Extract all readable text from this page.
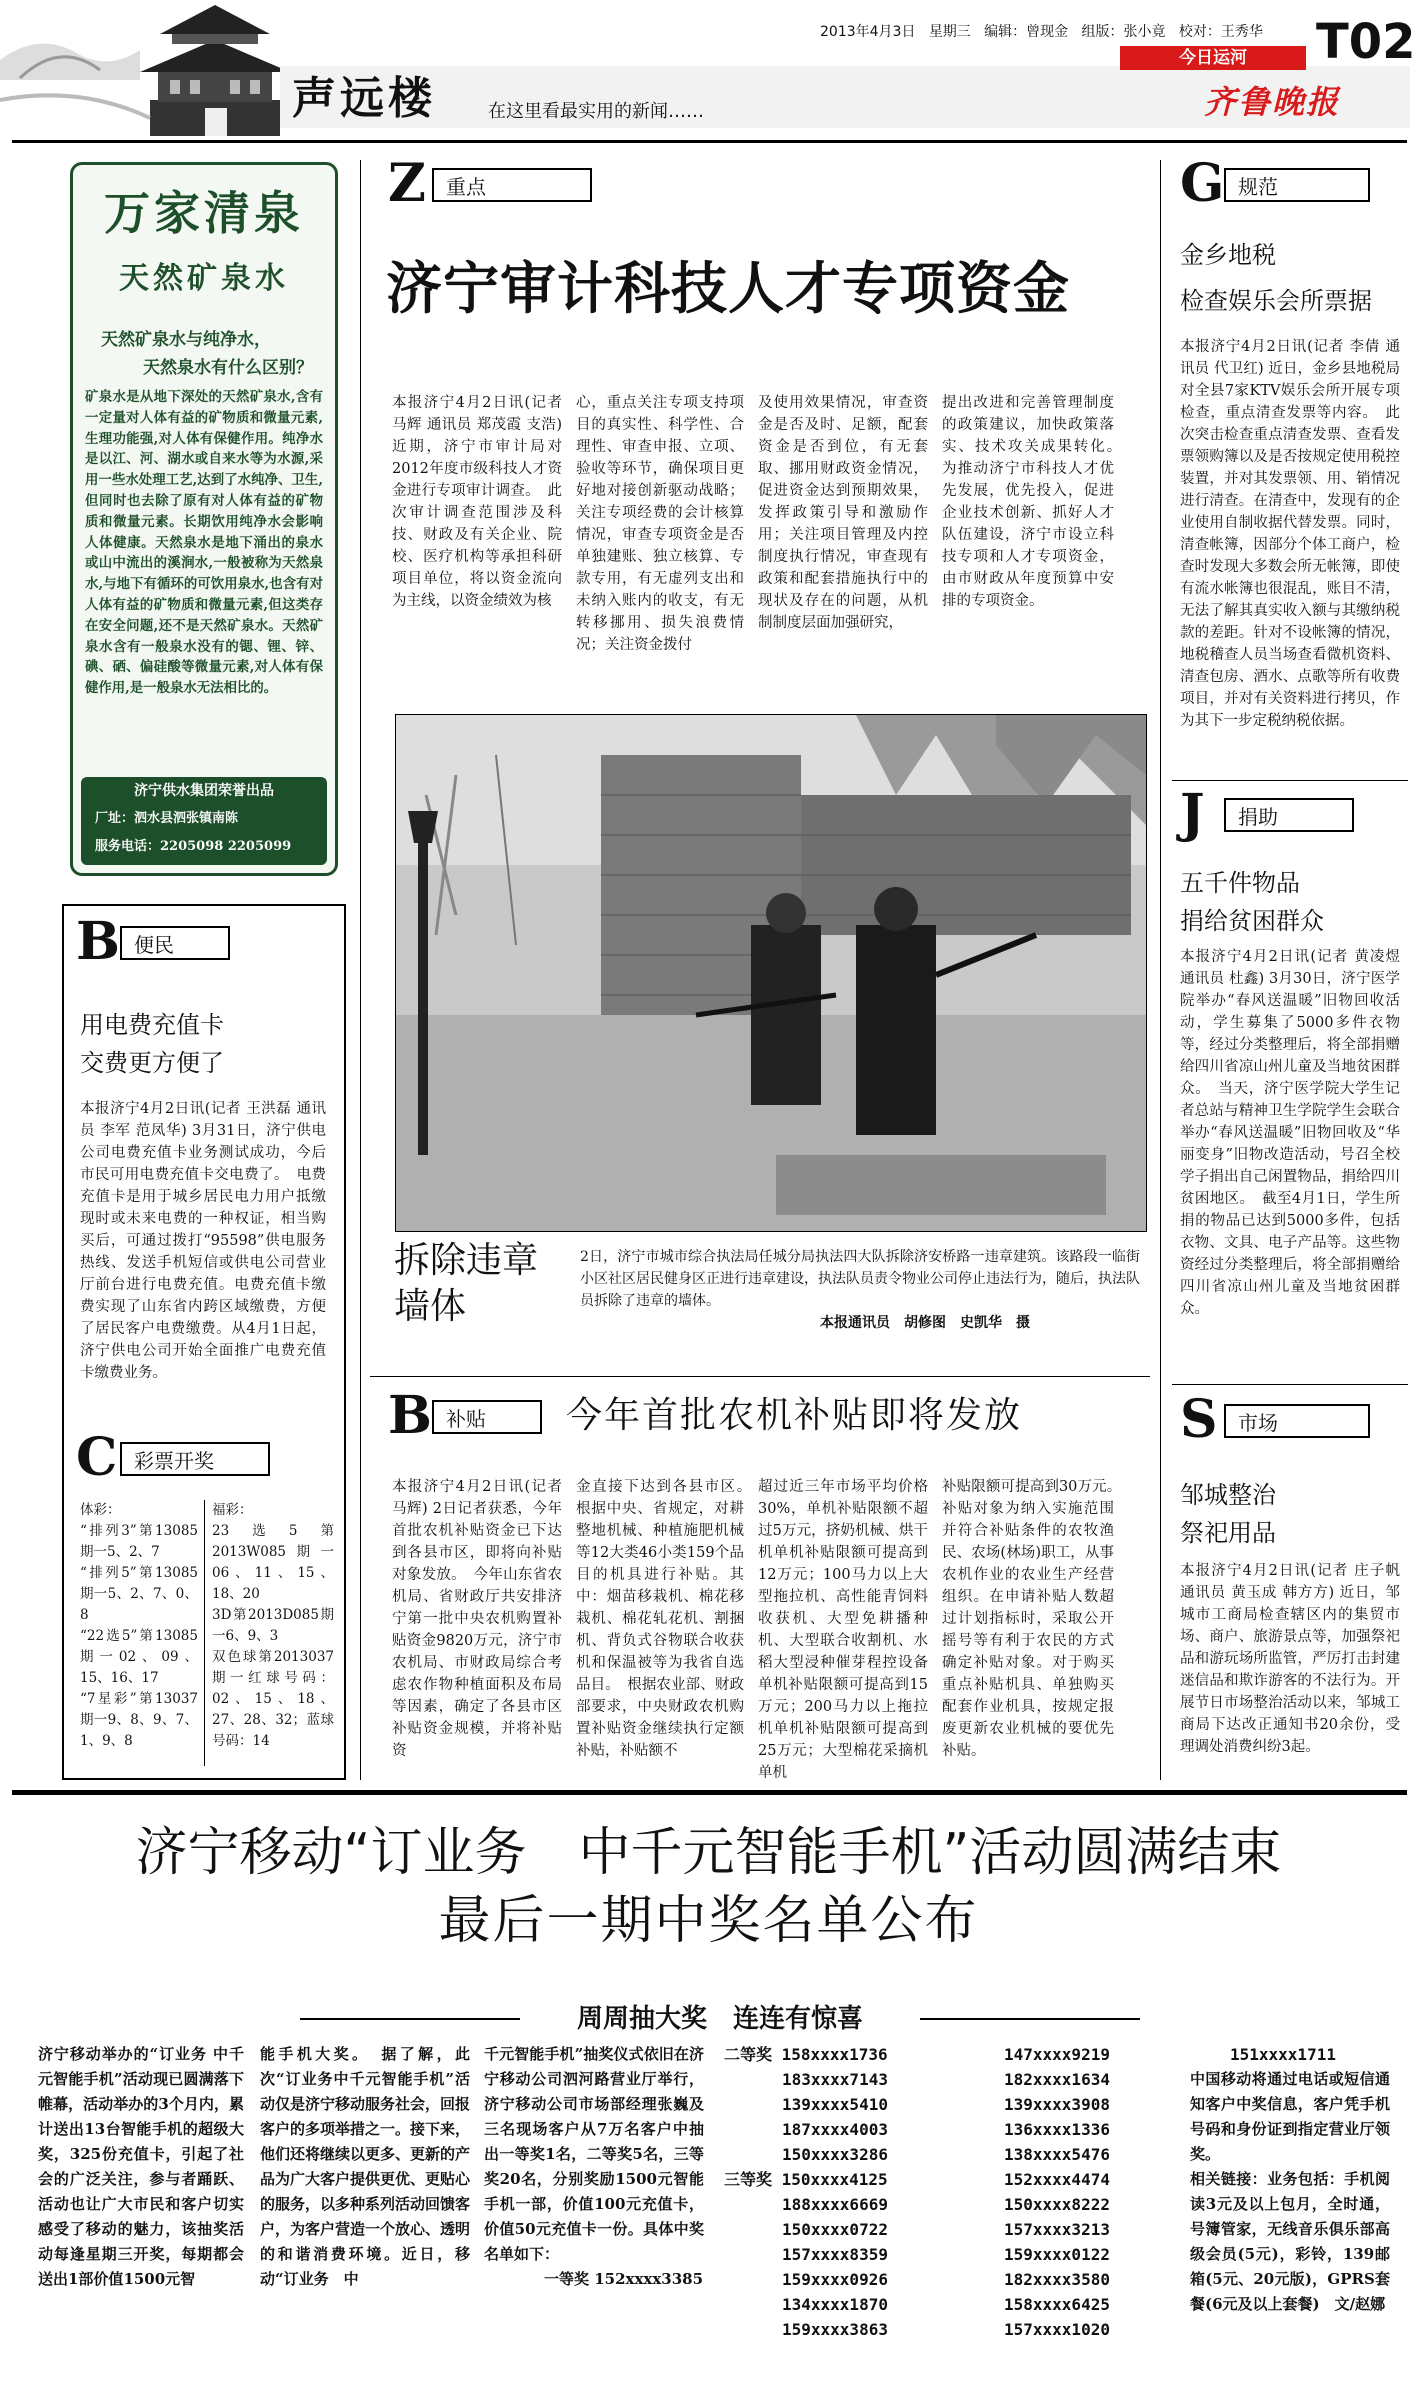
声远楼	在这里看最实用的新闻……
2013年4月3日 星期三 编辑：曾现金 组版：张小竟 校对：王秀华 T02
今日运河
齐鲁晚报
万家清泉
天然矿泉水
天然矿泉水与纯净水，
天然泉水有什么区别？
矿泉水是从地下深处的天然矿泉水,含有一定量对人体有益的矿物质和微量元素,生理功能强,对人体有保健作用。纯净水是以江、河、湖水或自来水等为水源,采用一些水处理工艺,达到了水纯净、卫生,但同时也去除了原有对人体有益的矿物质和微量元素。长期饮用纯净水会影响人体健康。天然泉水是地下涌出的泉水或山中流出的溪涧水,一般被称为天然泉水,与地下有循环的可饮用泉水,也含有对人体有益的矿物质和微量元素,但这类存在安全问题,还不是天然矿泉水。天然矿泉水含有一般泉水没有的锶、锂、锌、碘、硒、偏硅酸等微量元素,对人体有保健作用,是一般泉水无法相比的。
济宁供水集团荣誉出品
厂址：泗水县泗张镇南陈
服务电话：2205098 2205099
B 便民
用电费充值卡
交费更方便了
本报济宁4月2日讯(记者 王洪磊 通讯员 李军 范凤华) 3月31日，济宁供电公司电费充值卡业务测试成功，今后市民可用电费充值卡交电费了。　电费充值卡是用于城乡居民电力用户抵缴现时或未来电费的一种权证，相当购买后，可通过拨打“95598”供电服务热线、发送手机短信或供电公司营业厅前台进行电费充值。电费充值卡缴费实现了山东省内跨区域缴费，方便了居民客户电费缴费。从4月1日起，济宁供电公司开始全面推广电费充值卡缴费业务。
C 彩票开奖
体彩：
“排列3”第13085期一5、2、7
“排列5”第13085期一5、2、7、0、8
“22选5”第13085期一02、09、15、16、17
“7星彩”第13037期一9、8、9、7、1、9、8
福彩：
23选5第2013W085期一06、11、15、18、20
3D第2013D085期一6、9、3
双色球第2013037期一红球号码：02、15、18、27、28、32；蓝球号码：14
Z	重点
济宁审计科技人才专项资金
本报济宁4月2日讯(记者 马辉 通讯员 郑茂霞 支浩) 近期，济宁市审计局对2012年度市级科技人才资金进行专项审计调查。　此次审计调查范围涉及科技、财政及有关企业、院校、医疗机构等承担科研项目单位，将以资金流向为主线，以资金绩效为核
心，重点关注专项支持项目的真实性、科学性、合理性、审查申报、立项、验收等环节，确保项目更好地对接创新驱动战略；关注专项经费的会计核算情况，审查专项资金是否单独建账、独立核算、专款专用，有无虚列支出和未纳入账内的收支，有无转移挪用、损失浪费情况；关注资金拨付
及使用效果情况，审查资金是否及时、足额，配套资金是否到位，有无套取、挪用财政资金情况，促进资金达到预期效果，发挥政策引导和激励作用；关注项目管理及内控制度执行情况，审查现有政策和配套措施执行中的现状及存在的问题，从机制制度层面加强研究，
提出改进和完善管理制度的政策建议，加快政策落实、技术攻关成果转化。　为推动济宁市科技人才优先发展，优先投入，促进企业技术创新、抓好人才队伍建设，济宁市设立科技专项和人才专项资金，由市财政从年度预算中安排的专项资金。
拆除违章
墙体
2日，济宁市城市综合执法局任城分局执法四大队拆除济安桥路一违章建筑。该路段一临街小区社区居民健身区正进行违章建设，执法队员责令物业公司停止违法行为，随后，执法队员拆除了违章的墙体。
本报通讯员　胡修图　史凯华　摄
B 补贴	今年首批农机补贴即将发放
本报济宁4月2日讯(记者 马辉) 2日记者获悉，今年首批农机补贴资金已下达到各县市区，即将向补贴对象发放。　今年山东省农机局、省财政厅共安排济宁第一批中央农机购置补贴资金9820万元，济宁市农机局、市财政局综合考虑农作物种植面积及布局等因素，确定了各县市区补贴资金规模，并将补贴资
金直接下达到各县市区。　根据中央、省规定，对耕整地机械、种植施肥机械等12大类46小类159个品目的机具进行补贴。其中：烟苗移栽机、棉花移栽机、棉花轧花机、割捆机、背负式谷物联合收获机和保温被等为我省自选品目。　根据农业部、财政部要求，中央财政农机购置补贴资金继续执行定额补贴，补贴额不
超过近三年市场平均价格30%，单机补贴限额不超过5万元，挤奶机械、烘干机单机补贴限额可提高到12万元；100马力以上大型拖拉机、高性能青饲料收获机、大型免耕播种机、大型联合收割机、水稻大型浸种催芽程控设备单机补贴限额可提高到15万元；200马力以上拖拉机单机补贴限额可提高到25万元；大型棉花采摘机单机
补贴限额可提高到30万元。　补贴对象为纳入实施范围并符合补贴条件的农牧渔民、农场(林场)职工，从事农机作业的农业生产经营组织。在申请补贴人数超过计划指标时，采取公开摇号等有利于农民的方式确定补贴对象。对于购买重点补贴机具、单独购买配套作业机具，按规定报废更新农业机械的要优先补贴。
G 规范
金乡地税
检查娱乐会所票据
本报济宁4月2日讯(记者 李倩 通讯员 代卫红) 近日，金乡县地税局对全县7家KTV娱乐会所开展专项检查，重点清查发票等内容。　此次突击检查重点清查发票、查看发票领购簿以及是否按规定使用税控装置，并对其发票领、用、销情况进行清查。在清查中，发现有的企业使用自制收据代替发票。同时，清查帐簿，因部分个体工商户，检查时发现大多数会所无帐簿，即使有流水帐簿也很混乱，账目不清，无法了解其真实收入额与其缴纳税款的差距。针对不设帐簿的情况，地税稽查人员当场查看微机资料、清查包房、酒水、点歌等所有收费项目，并对有关资料进行拷贝，作为其下一步定税纳税依据。
J	捐助
五千件物品
捐给贫困群众
本报济宁4月2日讯(记者 黄凌煜 通讯员 杜鑫) 3月30日，济宁医学院举办“春风送温暖”旧物回收活动，学生募集了5000多件衣物等，经过分类整理后，将全部捐赠给四川省凉山州儿童及当地贫困群众。　当天，济宁医学院大学生记者总站与精神卫生学院学生会联合举办“春风送温暖”旧物回收及“华丽变身”旧物改造活动，号召全校学子捐出自己闲置物品，捐给四川贫困地区。　截至4月1日，学生所捐的物品已达到5000多件，包括衣物、文具、电子产品等。这些物资经过分类整理后，将全部捐赠给四川省凉山州儿童及当地贫困群众。
S	市场
邹城整治
祭祀用品
本报济宁4月2日讯(记者 庄子帆 通讯员 黄玉成 韩方方) 近日，邹城市工商局检查辖区内的集贸市场、商户、旅游景点等，加强祭祀品和游玩场所监管，严厉打击封建迷信品和欺诈游客的不法行为。开展节日市场整治活动以来，邹城工商局下达改正通知书20余份，受理调处消费纠纷3起。
济宁移动“订业务　中千元智能手机”活动圆满结束
最后一期中奖名单公布
周周抽大奖　连连有惊喜
济宁移动举办的“订业务 中千元智能手机”活动现已圆满落下帷幕，活动举办的3个月内，累计送出13台智能手机的超级大奖，325份充值卡，引起了社会的广泛关注，参与者踊跃、活动也让广大市民和客户切实感受了移动的魅力，该抽奖活动每逢星期三开奖，每期都会送出1部价值1500元智
能手机大奖。　据了解，此次“订业务中千元智能手机”活动仅是济宁移动服务社会，回报客户的多项举措之一。接下来，他们还将继续以更多、更新的产品为广大客户提供更优、更贴心的服务，以多种系列活动回馈客户，为客户营造一个放心、透明的和谐消费环境。近日，移动“订业务　中
千元智能手机”抽奖仪式依旧在济宁移动公司泗河路营业厅举行，济宁移动公司市场部经理张巍及三名现场客户从7万名客户中抽出一等奖1名，二等奖5名，三等奖20名，分别奖励1500元智能手机一部，价值100元充值卡，价值50元充值卡一份。具体中奖名单如下：
一等奖 152xxxx3385
二等奖 158xxxx1736
183xxxx7143
139xxxx5410
187xxxx4003
150xxxx3286
三等奖 150xxxx4125
188xxxx6669
150xxxx0722
157xxxx8359
159xxxx0926
134xxxx1870
159xxxx3863
147xxxx9219
182xxxx1634
139xxxx3908
136xxxx1336
138xxxx5476
152xxxx4474
150xxxx8222
157xxxx3213
159xxxx0122
182xxxx3580
158xxxx6425
157xxxx1020
151xxxx1711
中国移动将通过电话或短信通知客户中奖信息，客户凭手机号码和身份证到指定营业厅领奖。
相关链接：业务包括：手机阅读3元及以上包月，全时通，号簿管家，无线音乐俱乐部高级会员(5元)，彩铃，139邮箱(5元、20元版)，GPRS套餐(6元及以上套餐)　文/赵娜
